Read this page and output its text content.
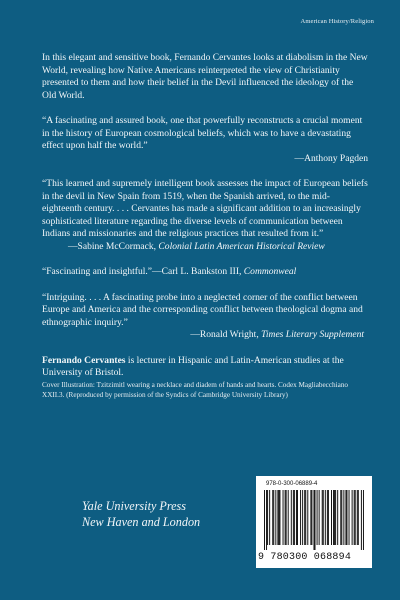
American History/Religion

In this elegant and sensitive book, Fernando Cervantes looks at diabolism in the New World, revealing how Native Americans reinterpreted the view of Christianity presented to them and how their belief in the Devil influenced the ideology of the Old World.

“A fascinating and assured book, one that powerfully reconstructs a crucial moment in the history of European cosmological beliefs, which was to have a devastating effect upon half the world.”

—Anthony Pagden

“This learned and supremely intelligent book assesses the impact of European beliefs in the devil in New Spain from 1519, when the Spanish arrived, to the mid-eighteenth century. . . . Cervantes has made a significant addition to an increasingly sophisticated literature regarding the diverse levels of communication between Indians and missionaries and the religious practices that resulted from it.”

—Sabine McCormack, Colonial Latin American Historical Review

“Fascinating and insightful.”—Carl L. Bankston III, Commonweal

“Intriguing. . . . A fascinating probe into a neglected corner of the conflict between Europe and America and the corresponding conflict between theological dogma and ethnographic inquiry.”

—Ronald Wright, Times Literary Supplement

Fernando Cervantes is lecturer in Hispanic and Latin-American studies at the University of Bristol.

Cover Illustration: Tzitzimitl wearing a necklace and diadem of hands and hearts. Codex Magliabecchiano XXII.3. (Reproduced by permission of the Syndics of Cambridge University Library)

Yale University Press
New Haven and London
978-0-300-06889-4
9 780300 068894
